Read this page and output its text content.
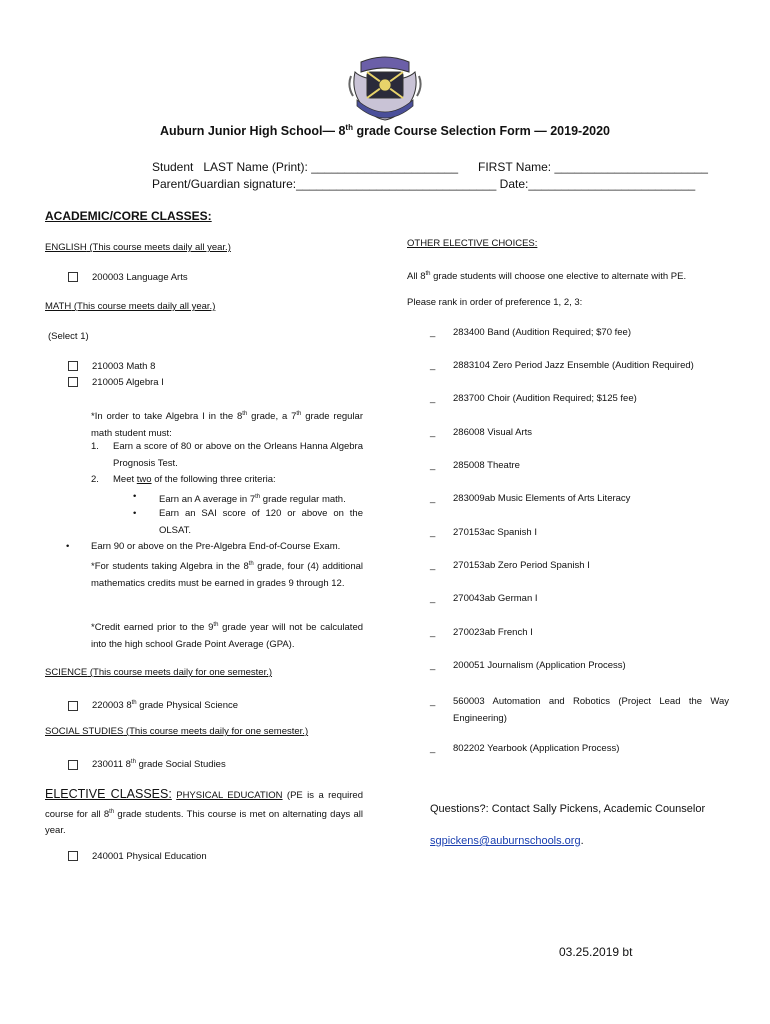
Auburn Junior High School— 8th grade Course Selection Form — 2019-2020
Student   LAST Name (Print): ______________________      FIRST Name: _______________________
Parent/Guardian signature:______________________________ Date:_________________________
ACADEMIC/CORE CLASSES:
ENGLISH (This course meets daily all year.)
200003 Language Arts
MATH (This course meets daily all year.)
(Select 1)
210003 Math 8
210005 Algebra I
*In order to take Algebra I in the 8th grade, a 7th grade regular math student must:
1. Earn a score of 80 or above on the Orleans Hanna Algebra Prognosis Test.
2. Meet two of the following three criteria:
• Earn an A average in 7th grade regular math.
• Earn an SAI score of 120 or above on the OLSAT.
• Earn 90 or above on the Pre-Algebra End-of-Course Exam.
*For students taking Algebra in the 8th grade, four (4) additional mathematics credits must be earned in grades 9 through 12.
*Credit earned prior to the 9th grade year will not be calculated into the high school Grade Point Average (GPA).
SCIENCE (This course meets daily for one semester.)
220003 8th grade Physical Science
SOCIAL STUDIES (This course meets daily for one semester.)
230011 8th grade Social Studies
ELECTIVE CLASSES: PHYSICAL EDUCATION (PE is a required course for all 8th grade students. This course is met on alternating days all year.
240001 Physical Education
OTHER ELECTIVE CHOICES:
All 8th grade students will choose one elective to alternate with PE.
Please rank in order of preference 1, 2, 3:
_	283400 Band (Audition Required; $70 fee)
_	2883104 Zero Period Jazz Ensemble (Audition Required)
_	283700 Choir (Audition Required; $125 fee)
_	286008 Visual Arts
_	285008 Theatre
_	283009ab Music Elements of Arts Literacy
_	270153ac Spanish I
_	270153ab Zero Period Spanish I
_	270043ab German I
_	270023ab French I
_	200051 Journalism (Application Process)
_	560003 Automation and Robotics (Project Lead the Way Engineering)
_	802202 Yearbook (Application Process)
Questions?: Contact Sally Pickens, Academic Counselor
sgpickens@auburnschools.org.
03.25.2019 bt
